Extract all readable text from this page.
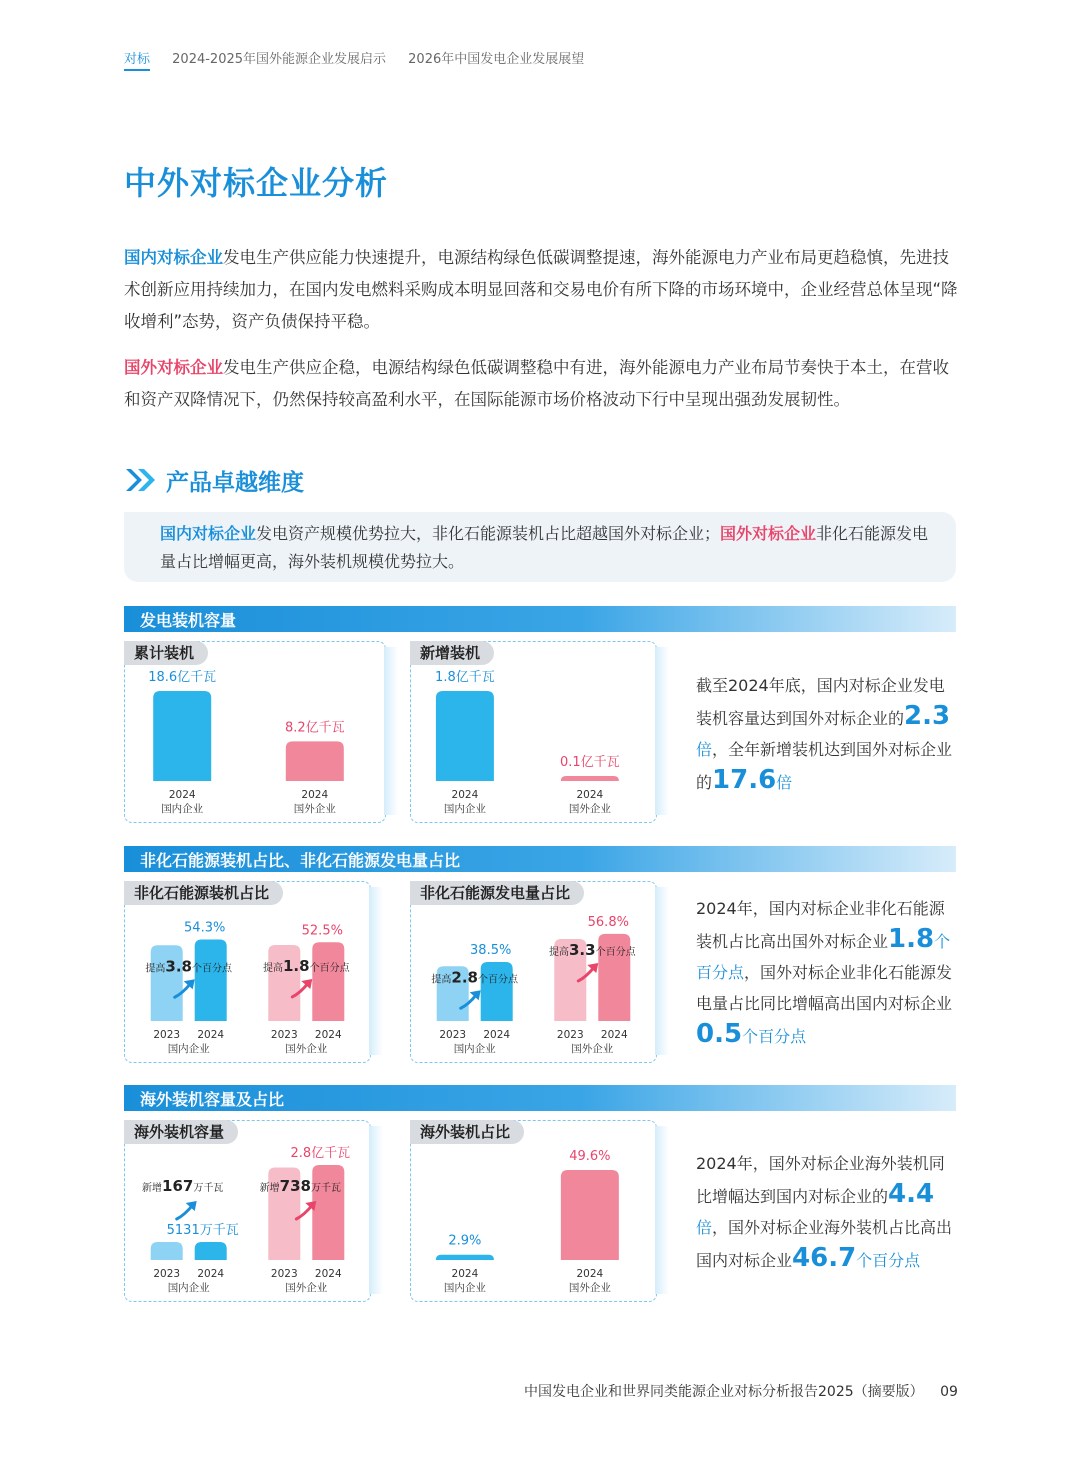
对标 2024-2025年国外能源企业发展启示 2026年中国发电企业发展展望
中外对标企业分析
国内对标企业发电生产供应能力快速提升，电源结构绿色低碳调整提速，海外能源电力产业布局更趋稳慎，先进技术创新应用持续加力，在国内发电燃料采购成本明显回落和交易电价有所下降的市场环境中，企业经营总体呈现“降收增利”态势，资产负债保持平稳。
国外对标企业发电生产供应企稳，电源结构绿色低碳调整稳中有进，海外能源电力产业布局节奏快于本土，在营收和资产双降情况下，仍然保持较高盈利水平，在国际能源市场价格波动下行中呈现出强劲发展韧性。
产品卓越维度

国内对标企业发电资产规模优势拉大，非化石能源装机占比超越国外对标企业；国外对标企业非化石能源发电量占比增幅更高，海外装机规模优势拉大。

发电装机容量
18.6亿千瓦
2024
国内企业
8.2亿千瓦
2024
国外企业
累计装机
1.8亿千瓦
2024
国内企业
0.1亿千瓦
2024
国外企业
新增装机
截至2024年底，国内对标企业发电装机容量达到国外对标企业的2.3倍，全年新增装机达到国外对标企业的17.6倍
非化石能源装机占比、非化石能源发电量占比
54.3%
2023 2024
国内企业
提高3.8个百分点
52.5%
2023 2024
国外企业
提高1.8个百分点
非化石能源装机占比
38.5%
2023 2024
国内企业
提高2.8个百分点
56.8%
2023 2024
国外企业
提高3.3个百分点
非化石能源发电量占比
2024年，国内对标企业非化石能源装机占比高出国外对标企业1.8个百分点，国外对标企业非化石能源发电量占比同比增幅高出国内对标企业0.5个百分点
海外装机容量及占比
5131万千瓦
2023 2024
国内企业
新增167万千瓦
2.8亿千瓦
2023 2024
国外企业
新增738万千瓦
海外装机容量
2.9%
2024
国内企业
49.6%
2024
国外企业
海外装机占比
2024年，国外对标企业海外装机同比增幅达到国内对标企业的4.4倍，国外对标企业海外装机占比高出国内对标企业46.7个百分点
中国发电企业和世界同类能源企业对标分析报告2025（摘要版） 09
